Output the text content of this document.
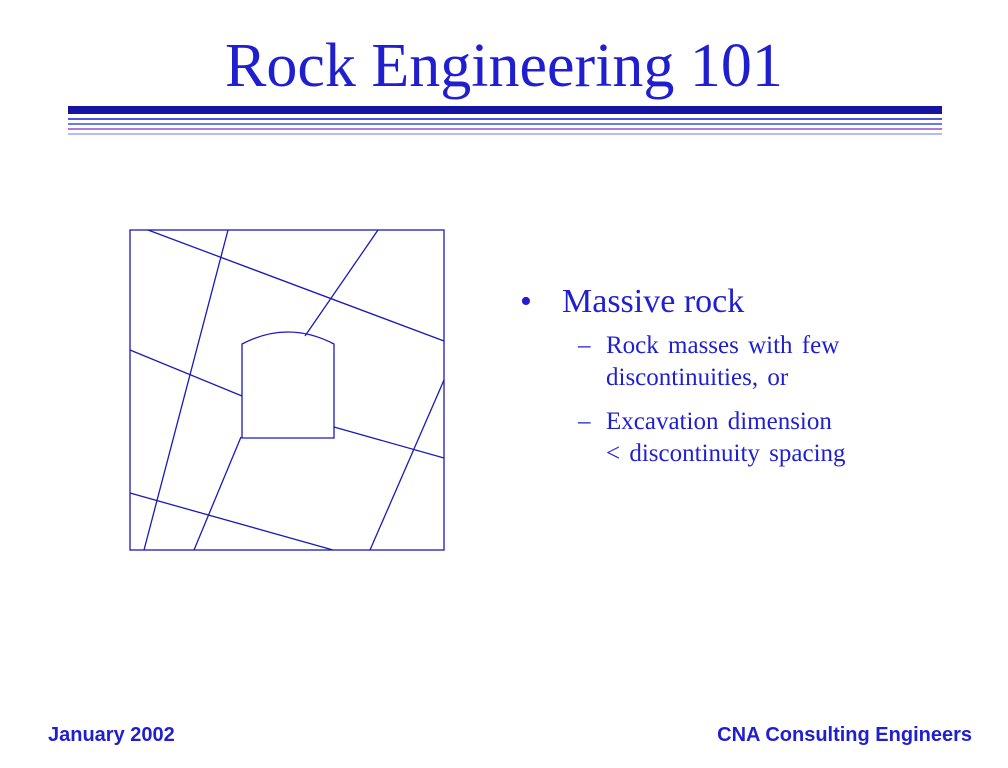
Rock Engineering 101
• Massive rock
– Rock masses with few
discontinuities, or
– Excavation dimension
< discontinuity spacing
January 2002	CNA Consulting Engineers
